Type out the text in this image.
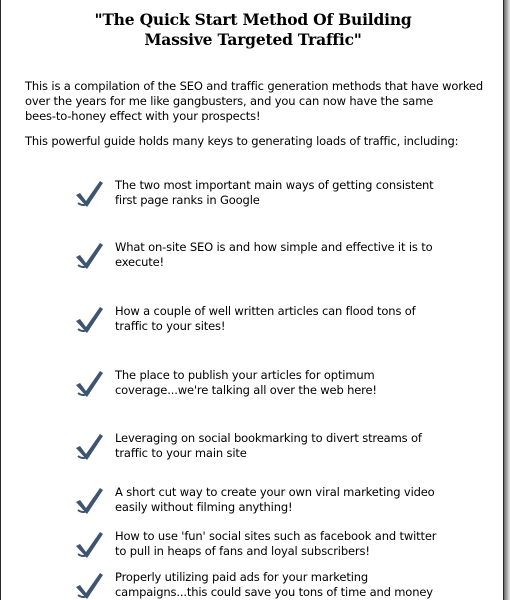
"The Quick Start Method Of Building
Massive Targeted Traffic"
This is a compilation of the SEO and traffic generation methods that have worked
over the years for me like gangbusters, and you can now have the same
bees-to-honey effect with your prospects!
This powerful guide holds many keys to generating loads of traffic, including:
The two most important main ways of getting consistent
first page ranks in Google
What on-site SEO is and how simple and effective it is to
execute!
How a couple of well written articles can flood tons of
traffic to your sites!
The place to publish your articles for optimum
coverage...we're talking all over the web here!
Leveraging on social bookmarking to divert streams of
traffic to your main site
A short cut way to create your own viral marketing video
easily without filming anything!
How to use 'fun' social sites such as facebook and twitter
to pull in heaps of fans and loyal subscribers!
Properly utilizing paid ads for your marketing
campaigns...this could save you tons of time and money
